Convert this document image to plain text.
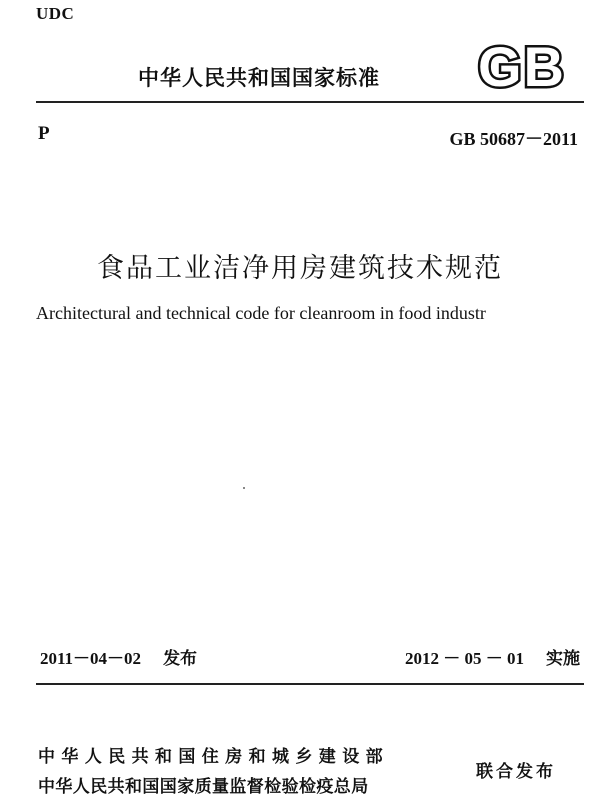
UDC
中华人民共和国国家标准 GB
P	GB 50687－2011
食品工业洁净用房建筑技术规范
Architectural and technical code for cleanroom in food industr
2011－04－02 发布	2012 － 05 － 01 实施
中华人民共和国住房和城乡建设部
中华人民共和国国家质量监督检验检疫总局
联合发布
